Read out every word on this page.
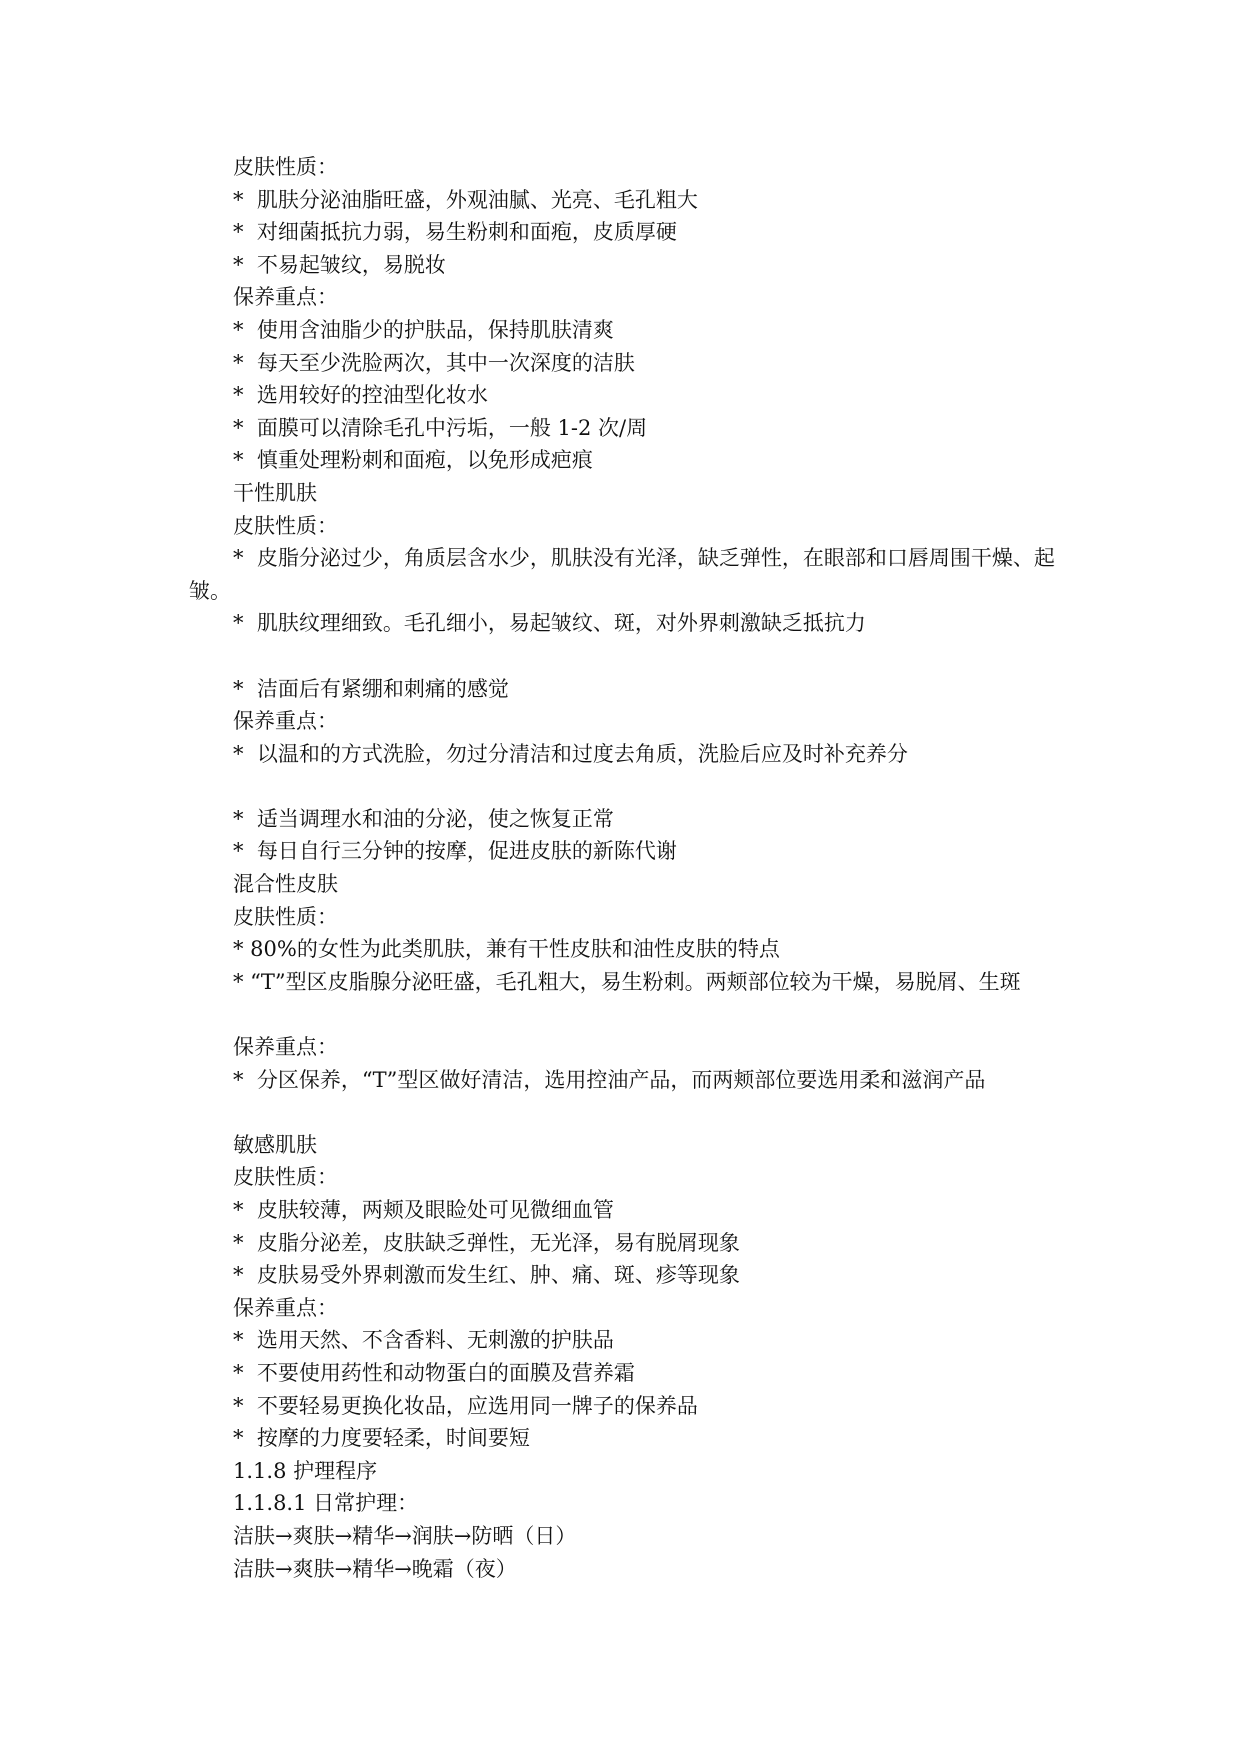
皮肤性质：

*  肌肤分泌油脂旺盛，外观油腻、光亮、毛孔粗大

*  对细菌抵抗力弱，易生粉刺和面疱，皮质厚硬

*  不易起皱纹，易脱妆

保养重点：

*  使用含油脂少的护肤品，保持肌肤清爽

*  每天至少洗脸两次，其中一次深度的洁肤

*  选用较好的控油型化妆水

*  面膜可以清除毛孔中污垢，一般 1-2 次/周

*  慎重处理粉刺和面疱，以免形成疤痕

干性肌肤

皮肤性质：

*  皮脂分泌过少，角质层含水少，肌肤没有光泽，缺乏弹性，在眼部和口唇周围干燥、起皱。

*  肌肤纹理细致。毛孔细小，易起皱纹、斑，对外界刺激缺乏抵抗力

*  洁面后有紧绷和刺痛的感觉

保养重点：

*  以温和的方式洗脸，勿过分清洁和过度去角质，洗脸后应及时补充养分

*  适当调理水和油的分泌，使之恢复正常

*  每日自行三分钟的按摩，促进皮肤的新陈代谢

混合性皮肤

皮肤性质：

* 80%的女性为此类肌肤，兼有干性皮肤和油性皮肤的特点

* “T”型区皮脂腺分泌旺盛，毛孔粗大，易生粉刺。两颊部位较为干燥，易脱屑、生斑

保养重点：

*  分区保养，“T”型区做好清洁，选用控油产品，而两颊部位要选用柔和滋润产品

敏感肌肤

皮肤性质：

*  皮肤较薄，两颊及眼睑处可见微细血管

*  皮脂分泌差，皮肤缺乏弹性，无光泽，易有脱屑现象

*  皮肤易受外界刺激而发生红、肿、痛、斑、疹等现象

保养重点：

*  选用天然、不含香料、无刺激的护肤品

*  不要使用药性和动物蛋白的面膜及营养霜

*  不要轻易更换化妆品，应选用同一牌子的保养品

*  按摩的力度要轻柔，时间要短

1.1.8 护理程序

1.1.8.1 日常护理：

洁肤→爽肤→精华→润肤→防晒（日）

洁肤→爽肤→精华→晚霜（夜）
